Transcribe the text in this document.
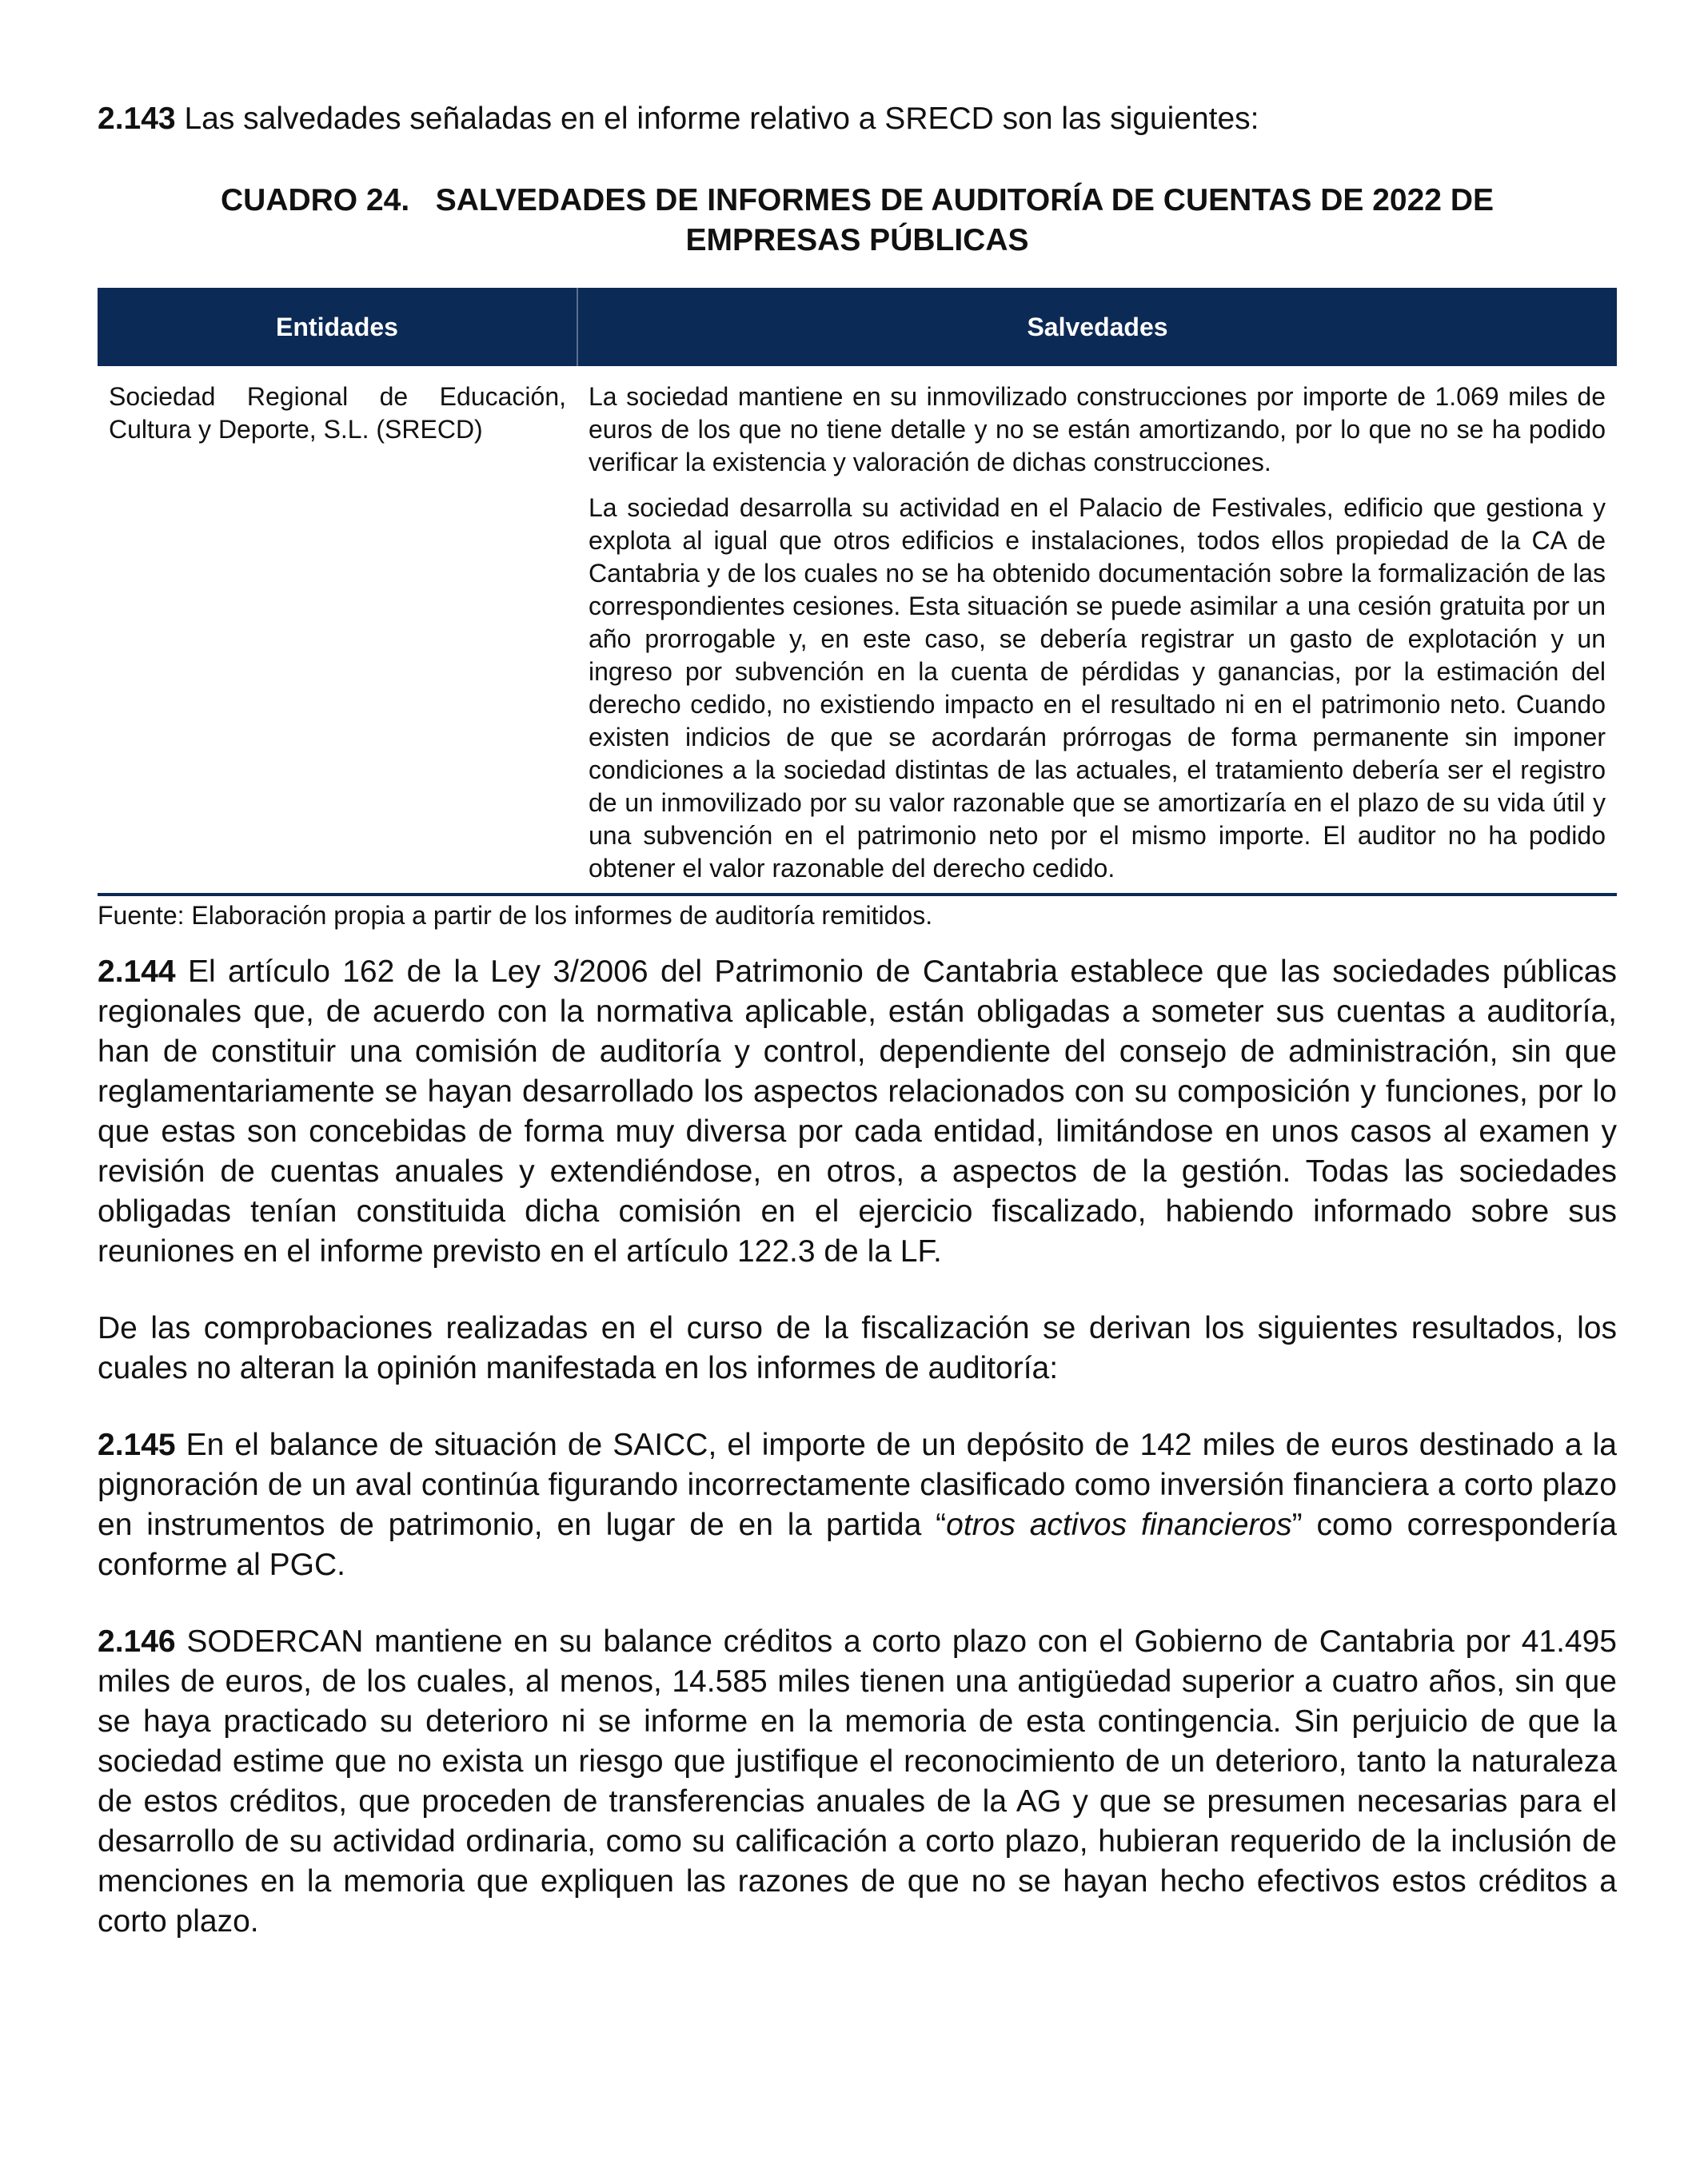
2.143 Las salvedades señaladas en el informe relativo a SRECD son las siguientes:

CUADRO 24.   SALVEDADES DE INFORMES DE AUDITORÍA DE CUENTAS DE 2022 DE

EMPRESAS PÚBLICAS

Entidades	Salvedades
Sociedad Regional de Educación, Cultura y Deporte, S.L. (SRECD)	La sociedad mantiene en su inmovilizado construcciones por importe de 1.069 miles de euros de los que no tiene detalle y no se están amortizando, por lo que no se ha podido verificar la existencia y valoración de dichas construcciones.

La sociedad desarrolla su actividad en el Palacio de Festivales, edificio que gestiona y explota al igual que otros edificios e instalaciones, todos ellos propiedad de la CA de Cantabria y de los cuales no se ha obtenido documentación sobre la formalización de las correspondientes cesiones. Esta situación se puede asimilar a una cesión gratuita por un año prorrogable y, en este caso, se debería registrar un gasto de explotación y un ingreso por subvención en la cuenta de pérdidas y ganancias, por la estimación del derecho cedido, no existiendo impacto en el resultado ni en el patrimonio neto. Cuando existen indicios de que se acordarán prórrogas de forma permanente sin imponer condiciones a la sociedad distintas de las actuales, el tratamiento debería ser el registro de un inmovilizado por su valor razonable que se amortizaría en el plazo de su vida útil y una subvención en el patrimonio neto por el mismo importe. El auditor no ha podido obtener el valor razonable del derecho cedido.

Fuente: Elaboración propia a partir de los informes de auditoría remitidos.

2.144 El artículo 162 de la Ley 3/2006 del Patrimonio de Cantabria establece que las sociedades públicas regionales que, de acuerdo con la normativa aplicable, están obligadas a someter sus cuentas a auditoría, han de constituir una comisión de auditoría y control, dependiente del consejo de administración, sin que reglamentariamente se hayan desarrollado los aspectos relacionados con su composición y funciones, por lo que estas son concebidas de forma muy diversa por cada entidad, limitándose en unos casos al examen y revisión de cuentas anuales y extendiéndose, en otros, a aspectos de la gestión. Todas las sociedades obligadas tenían constituida dicha comisión en el ejercicio fiscalizado, habiendo informado sobre sus reuniones en el informe previsto en el artículo 122.3 de la LF.

De las comprobaciones realizadas en el curso de la fiscalización se derivan los siguientes resultados, los cuales no alteran la opinión manifestada en los informes de auditoría:

2.145 En el balance de situación de SAICC, el importe de un depósito de 142 miles de euros destinado a la pignoración de un aval continúa figurando incorrectamente clasificado como inversión financiera a corto plazo en instrumentos de patrimonio, en lugar de en la partida “otros activos financieros” como correspondería conforme al PGC.

2.146 SODERCAN mantiene en su balance créditos a corto plazo con el Gobierno de Cantabria por 41.495 miles de euros, de los cuales, al menos, 14.585 miles tienen una antigüedad superior a cuatro años, sin que se haya practicado su deterioro ni se informe en la memoria de esta contingencia. Sin perjuicio de que la sociedad estime que no exista un riesgo que justifique el reconocimiento de un deterioro, tanto la naturaleza de estos créditos, que proceden de transferencias anuales de la AG y que se presumen necesarias para el desarrollo de su actividad ordinaria, como su calificación a corto plazo, hubieran requerido de la inclusión de menciones en la memoria que expliquen las razones de que no se hayan hecho efectivos estos créditos a corto plazo.
